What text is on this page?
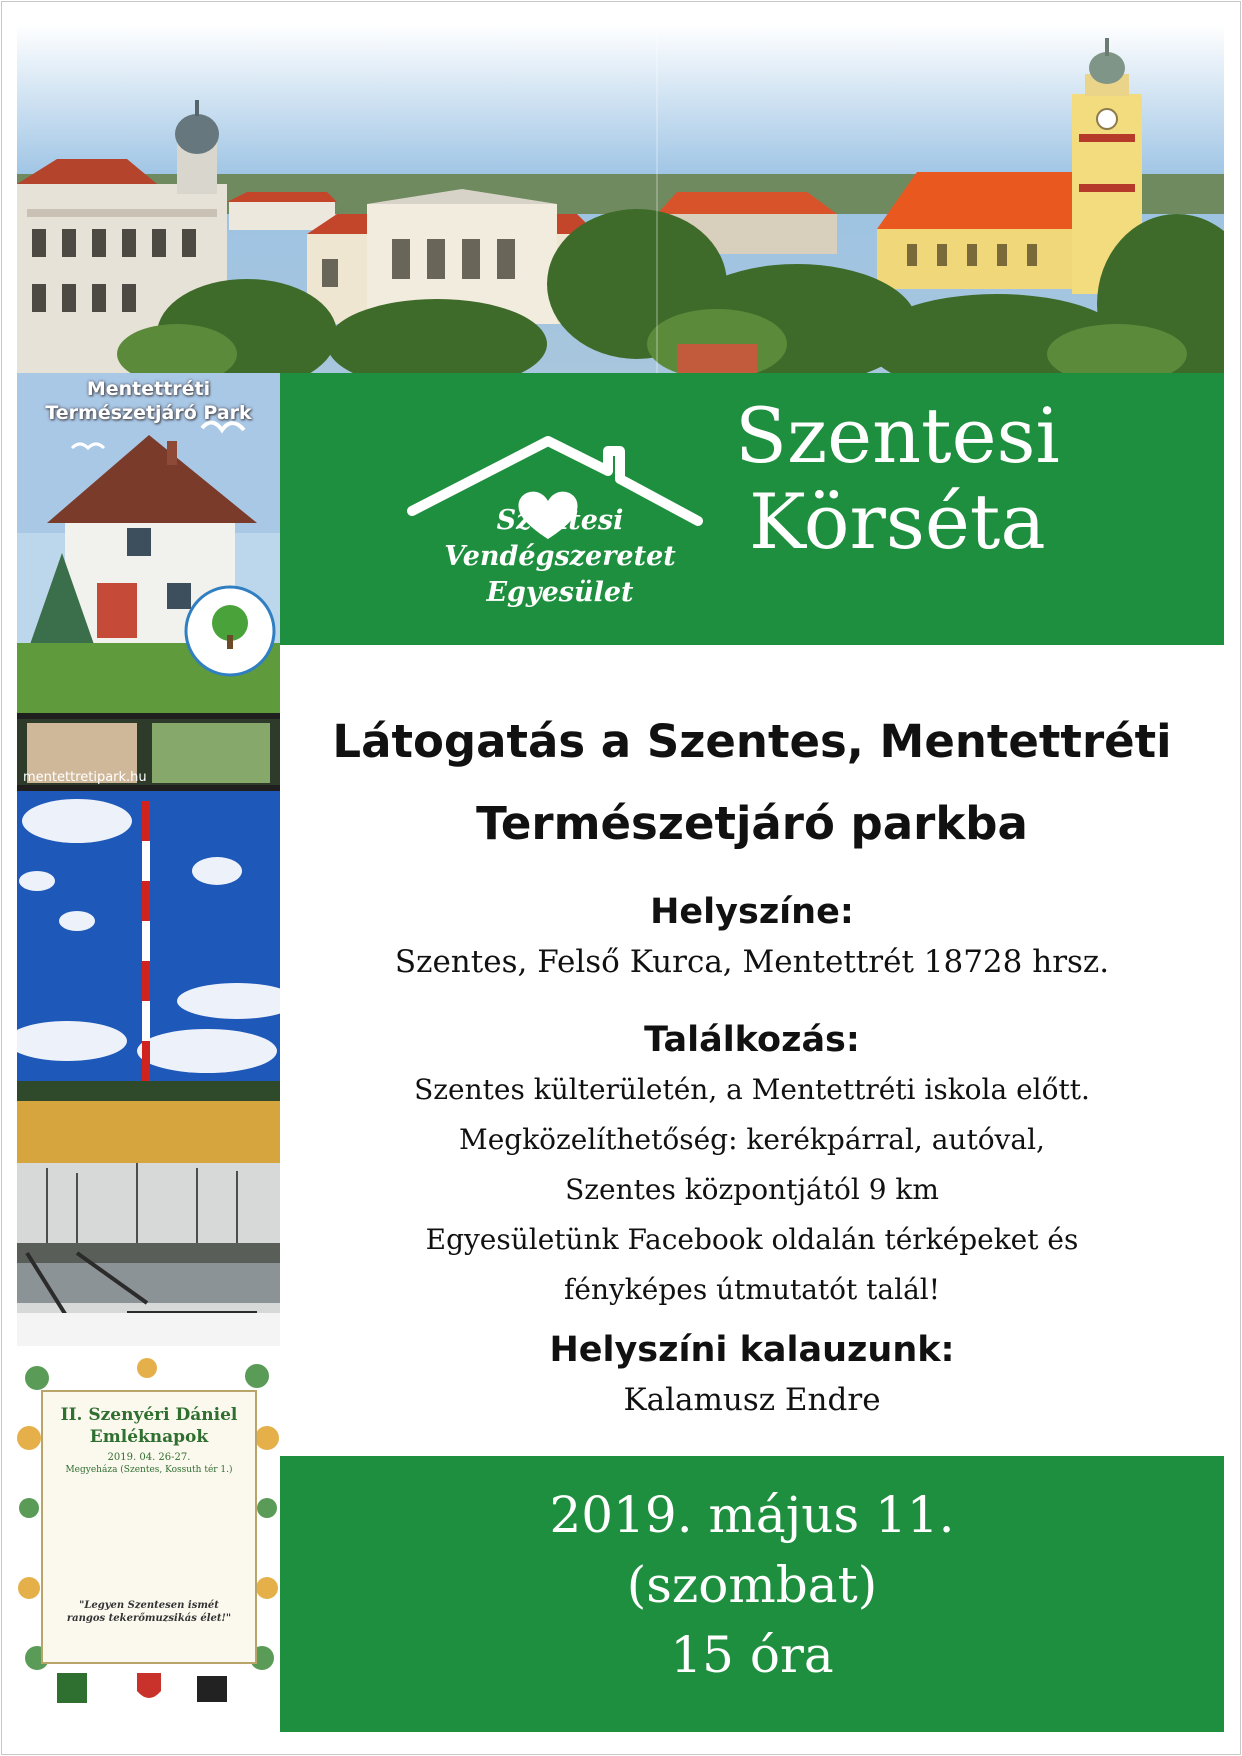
Mentettréti
Természetjáró Park
mentettretipark.hu
II. Szenyéri Dániel
Emléknapok
2019. 04. 26-27.
Megyeháza (Szentes, Kossuth tér 1.)
"Legyen Szentesen ismét
rangos tekerőmuzsikás élet!"
Szentesi Vendégszeretet
Egyesület
Szentesi
Körséta
Látogatás a Szentes, Mentettréti
Természetjáró parkba
Helyszíne:
Szentes, Felső Kurca, Mentettrét 18728 hrsz.
Találkozás:
Szentes külterületén, a Mentettréti iskola előtt.
Megközelíthetőség: kerékpárral, autóval,
Szentes központjától 9 km
Egyesületünk Facebook oldalán térképeket és
fényképes útmutatót talál!
Helyszíni kalauzunk:
Kalamusz Endre
2019. május 11.
(szombat)
15 óra
